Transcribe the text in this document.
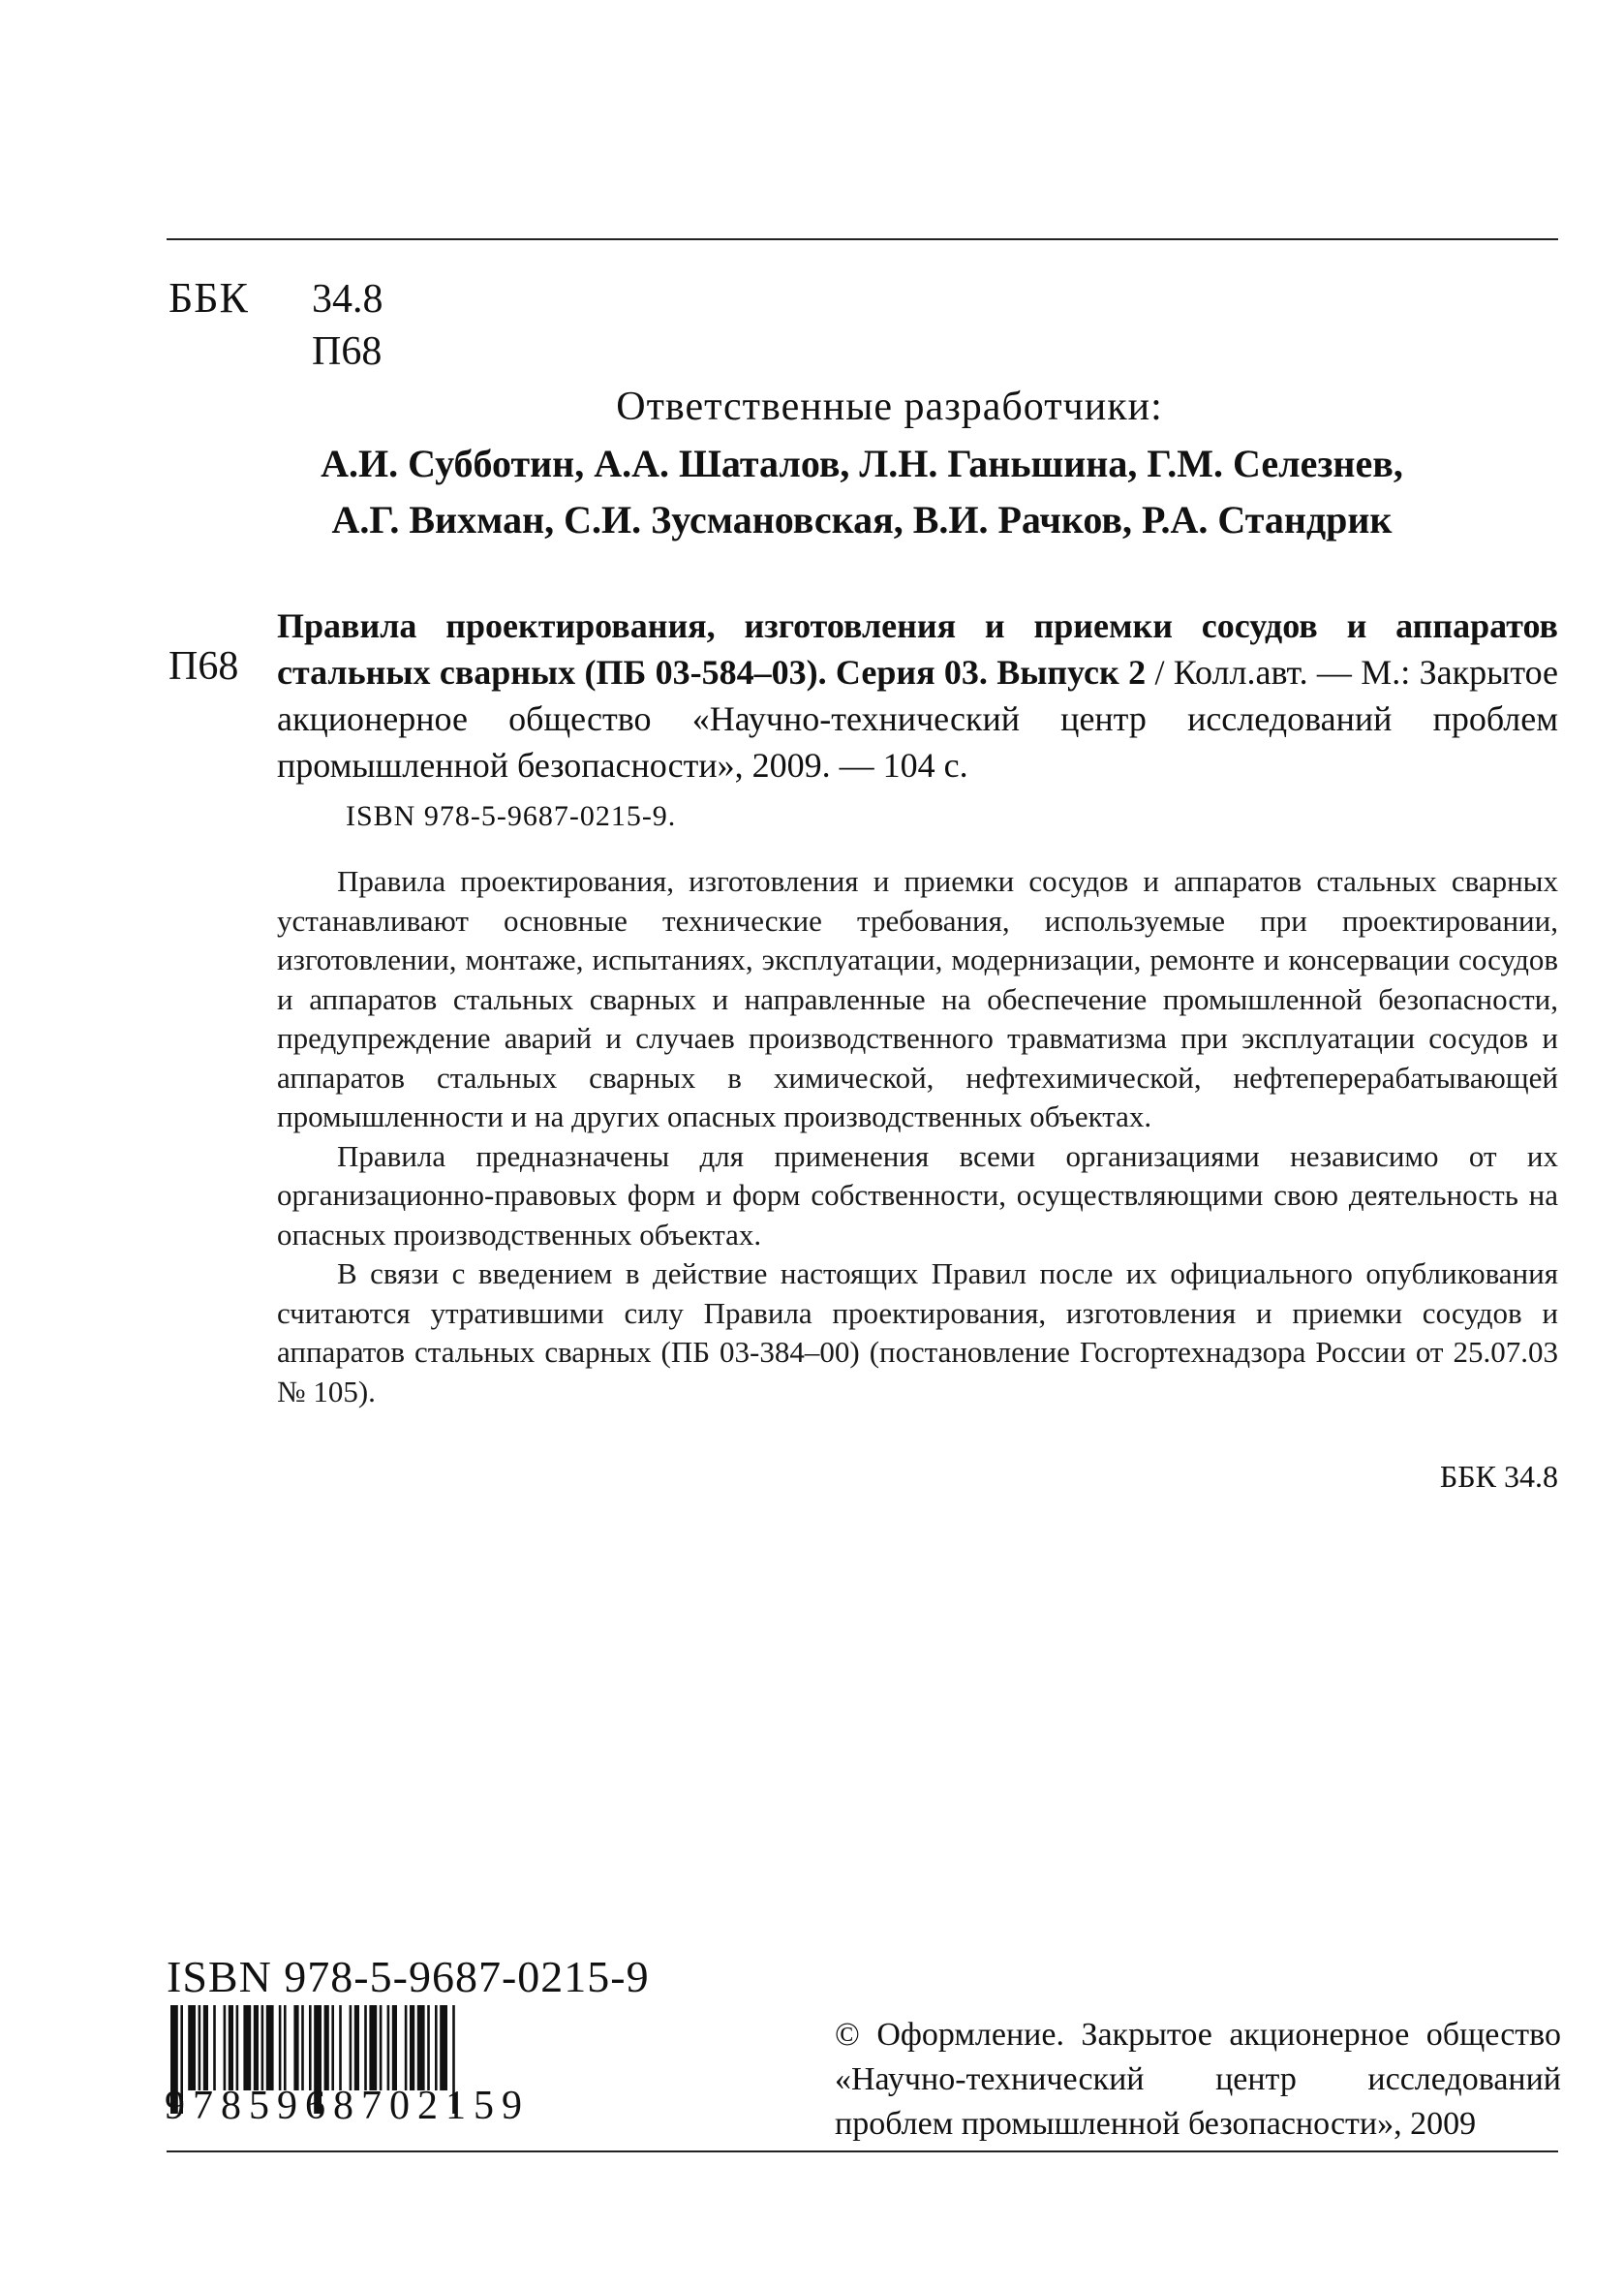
ББК 34.8
П68
Ответственные разработчики:
А.И. Субботин, А.А. Шаталов, Л.Н. Ганьшина, Г.М. Селезнев,
А.Г. Вихман, С.И. Зусмановская, В.И. Рачков, Р.А. Стандрик
П68
Правила проектирования, изготовления и приемки сосудов и аппаратов стальных сварных (ПБ 03-584–03). Серия 03. Выпуск 2 / Колл.авт. — М.: Закрытое акционерное общество «Научно-технический центр исследований проблем промышленной безопасности», 2009. — 104 с.
ISBN 978-5-9687-0215-9.

Правила проектирования, изготовления и приемки сосудов и аппаратов стальных сварных устанавливают основные технические требования, используемые при проектировании, изготовлении, монтаже, испытаниях, эксплуатации, модернизации, ремонте и консервации сосудов и аппаратов стальных сварных и направленные на обеспечение промышленной безопасности, предупреждение аварий и случаев производственного травматизма при эксплуатации сосудов и аппаратов стальных сварных в химической, нефтехимической, нефтеперерабатывающей промышленности и на других опасных производственных объектах.

Правила предназначены для применения всеми организациями независимо от их организационно-правовых форм и форм собственности, осуществляющими свою деятельность на опасных производственных объектах.

В связи с введением в действие настоящих Правил после их официального опубликования считаются утратившими силу Правила проектирования, изготовления и приемки сосудов и аппаратов стальных сварных (ПБ 03-384–00) (постановление Госгортехнадзора России от 25.07.03 № 105).

ББК 34.8
ISBN 978-5-9687-0215-9
9785968702159
© Оформление. Закрытое акционерное общество «Научно-технический центр исследований проблем промышленной безопасности», 2009
